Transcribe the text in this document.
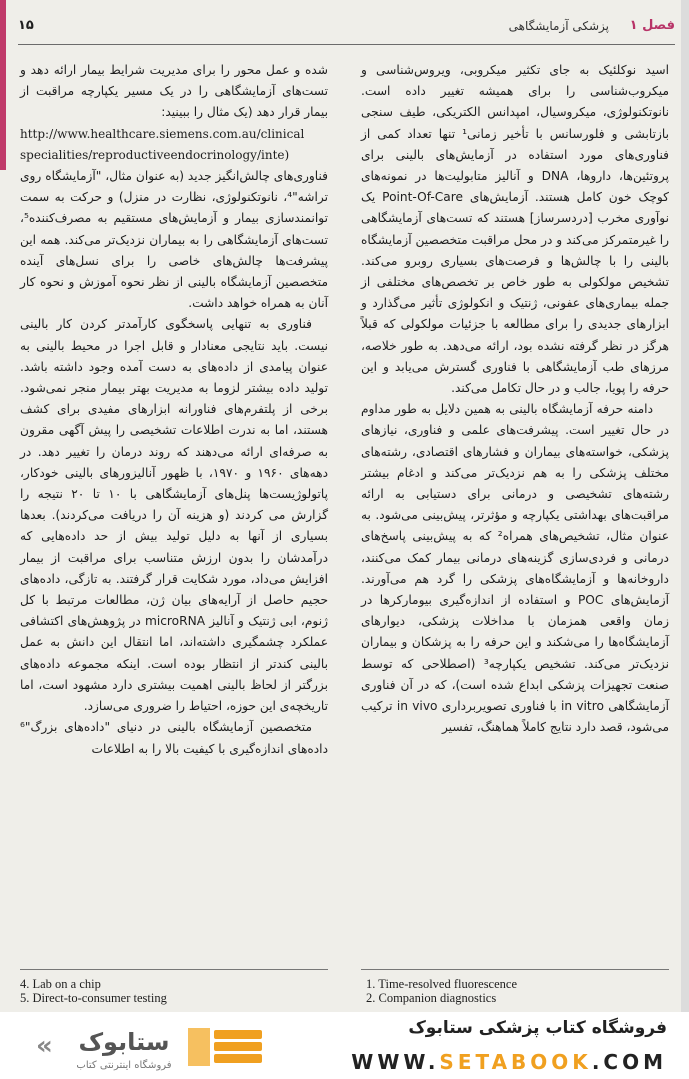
فصل ۱
پزشکی آزمایشگاهی
۱۵

اسید نوکلئیک به جای تکثیر میکروبی، ویروس‌شناسی و میکروب‌شناسی را برای همیشه تغییر داده است. نانوتکنولوژی، میکروسیال، امپدانس الکتریکی، طیف سنجی بازتابشی و فلورسانس با تأخیر زمانی¹ تنها تعداد کمی از فناوری‌های مورد استفاده در آزمایش‌های بالینی برای پروتئین‌ها، داروها، DNA و آنالیز متابولیت‌ها در نمونه‌های کوچک خون کامل هستند. آزمایش‌های Point-Of-Care یک نوآوری مخرب [دردسرساز] هستند که تست‌های آزمایشگاهی را غیرمتمرکز می‌کند و در محل مراقبت متخصصین آزمایشگاه بالینی را با چالش‌ها و فرصت‌های بسیاری روبرو می‌کند. تشخیص مولکولی به طور خاص بر تخصص‌های مختلفی از جمله بیماری‌های عفونی، ژنتیک و انکولوژی تأثیر می‌گذارد و ابزارهای جدیدی را برای مطالعه با جزئیات مولکولی که قبلاً هرگز در نظر گرفته نشده بود، ارائه می‌دهد. به طور خلاصه، مرزهای طب آزمایشگاهی با فناوری گسترش می‌یابد و این حرفه را پویا، جالب و در حال تکامل می‌کند.

دامنه حرفه آزمایشگاه بالینی به همین دلایل به طور مداوم در حال تغییر است. پیشرفت‌های علمی و فناوری، نیازهای پزشکی، خواسته‌های بیماران و فشارهای اقتصادی، رشته‌های مختلف پزشکی را به هم نزدیک‌تر می‌کند و ادغام بیشتر رشته‌های تشخیصی و درمانی برای دستیابی به ارائه مراقبت‌های بهداشتی یکپارچه و مؤثرتر، پیش‌بینی می‌شود. به عنوان مثال، تشخیص‌های همراه² که به پیش‌بینی پاسخ‌های درمانی و فردی‌سازی گزینه‌های درمانی بیمار کمک می‌کنند، داروخانه‌ها و آزمایشگاه‌های پزشکی را گرد هم می‌آورند. آزمایش‌های POC و استفاده از اندازه‌گیری بیومارکرها در زمان واقعی همزمان با مداخلات پزشکی، دیوارهای آزمایشگاه‌ها را می‌شکند و این حرفه را به پزشکان و بیماران نزدیک‌تر می‌کند. تشخیص یکپارچه³ (اصطلاحی که توسط صنعت تجهیزات پزشکی ابداع شده است)، که در آن فناوری آزمایشگاهی in vitro با فناوری تصویربرداری in vivo ترکیب می‌شود، قصد دارد نتایج کاملاً هماهنگ، تفسیر

شده و عمل محور را برای مدیریت شرایط بیمار ارائه دهد و تست‌های آزمایشگاهی را در یک مسیر یکپارچه مراقبت از بیمار قرار دهد (یک مثال را ببینید:

http://www.healthcare.siemens.com.au/clinical specialities/reproductiveendocrinology/inte)

فناوری‌های چالش‌انگیز جدید (به عنوان مثال، "آزمایشگاه روی تراشه"⁴، نانوتکنولوژی، نظارت در منزل) و حرکت به سمت توانمندسازی بیمار و آزمایش‌های مستقیم به مصرف‌کننده⁵، تست‌های آزمایشگاهی را به بیماران نزدیک‌تر می‌کند. همه این پیشرفت‌ها چالش‌های خاصی را برای نسل‌های آینده متخصصین آزمایشگاه بالینی از نظر نحوه آموزش و نحوه کار آنان به همراه خواهد داشت.

فناوری به تنهایی پاسخگوی کارآمدتر کردن کار بالینی نیست. باید نتایجی معنادار و قابل اجرا در محیط بالینی به عنوان پیامدی از داده‌های به دست آمده وجود داشته باشد. تولید داده بیشتر لزوما به مدیریت بهتر بیمار منجر نمی‌شود. برخی از پلتفرم‌های فناورانه ابزارهای مفیدی برای کشف هستند، اما به ندرت اطلاعات تشخیصی را پیش آگهی مقرون به صرفه‌ای ارائه می‌دهند که روند درمان را تغییر دهد. در دهه‌های ۱۹۶۰ و ۱۹۷۰، با ظهور آنالیزورهای بالینی خودکار، پاتولوژیست‌ها پنل‌های آزمایشگاهی با ۱۰ تا ۲۰ نتیجه را گزارش می کردند (و هزینه آن را دریافت می‌کردند). بعدها بسیاری از آنها به دلیل تولید بیش از حد داده‌هایی که درآمدشان را بدون ارزش متناسب برای مراقبت از بیمار افزایش می‌داد، مورد شکایت قرار گرفتند. به تازگی، داده‌های حجیم حاصل از آرایه‌های بیان ژن، مطالعات مرتبط با کل ژنوم، ابی ژنتیک و آنالیز microRNA در پژوهش‌های اکتشافی عملکرد چشمگیری داشته‌اند، اما انتقال این دانش به عمل بالینی کندتر از انتظار بوده است. اینکه مجموعه داده‌های بزرگتر از لحاظ بالینی اهمیت بیشتری دارد مشهود است، اما تاریخچه‌ی این حوزه، احتیاط را ضروری می‌سازد.

متخصصین آزمایشگاه بالینی در دنیای "داده‌های بزرگ"⁶ داده‌های اندازه‌گیری با کیفیت بالا را به اطلاعات

1. Time-resolved fluorescence
2. Companion diagnostics
4. Lab on a chip
5. Direct-to-consumer testing
ستابوک
فروشگاه اینترنتی کتاب
«
فروشگاه کتاب پزشکی ستابوک
WWW.SETABOOK.COM
